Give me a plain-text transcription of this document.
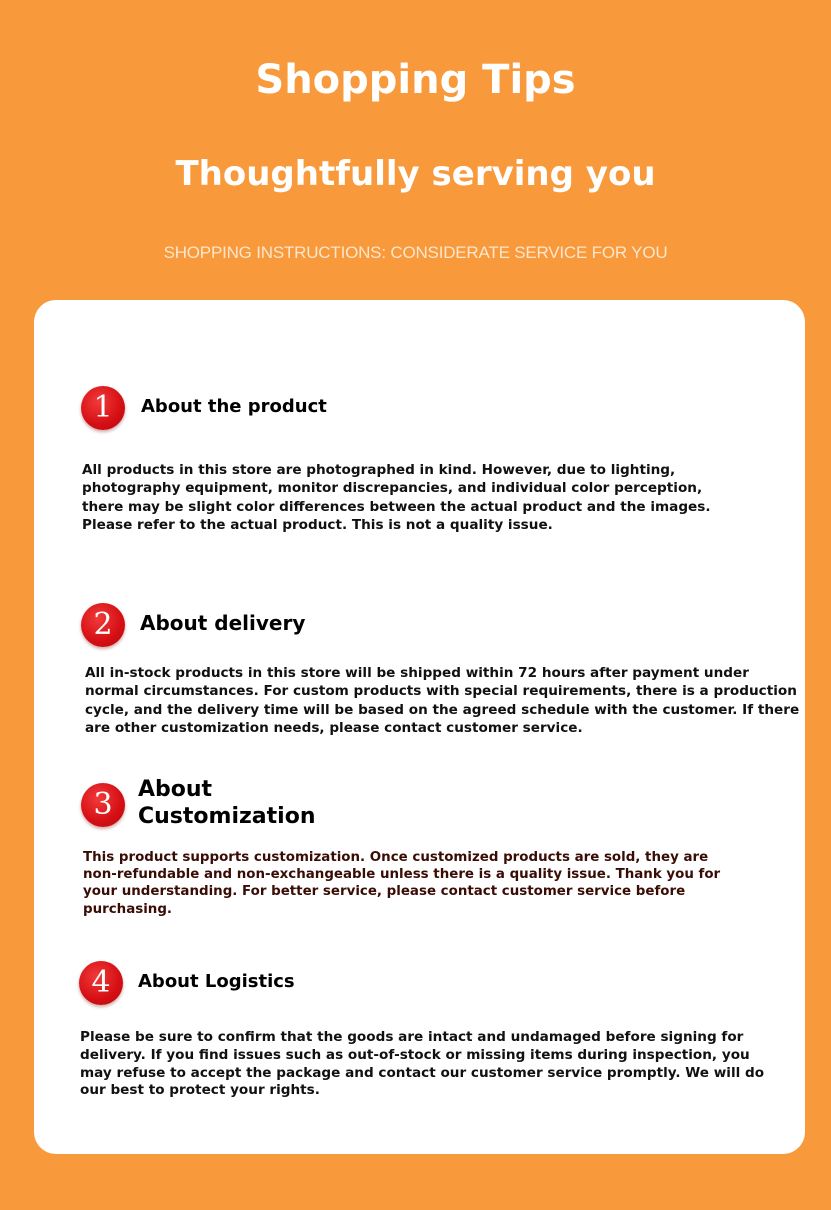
Shopping Tips
Thoughtfully serving you
SHOPPING INSTRUCTIONS: CONSIDERATE SERVICE FOR YOU
1	About the product

All products in this store are photographed in kind. However, due to lighting, photography equipment, monitor discrepancies, and individual color perception, there may be slight color differences between the actual product and the images. Please refer to the actual product. This is not a quality issue.

2	About delivery

All in-stock products in this store will be shipped within 72 hours after payment under normal circumstances. For custom products with special requirements, there is a production cycle, and the delivery time will be based on the agreed schedule with the customer. If there are other customization needs, please contact customer service.

3	About Customization

This product supports customization. Once customized products are sold, they are non-refundable and non-exchangeable unless there is a quality issue. Thank you for your understanding. For better service, please contact customer service before purchasing.

4	About Logistics

Please be sure to confirm that the goods are intact and undamaged before signing for delivery. If you find issues such as out-of-stock or missing items during inspection, you may refuse to accept the package and contact our customer service promptly. We will do our best to protect your rights.
